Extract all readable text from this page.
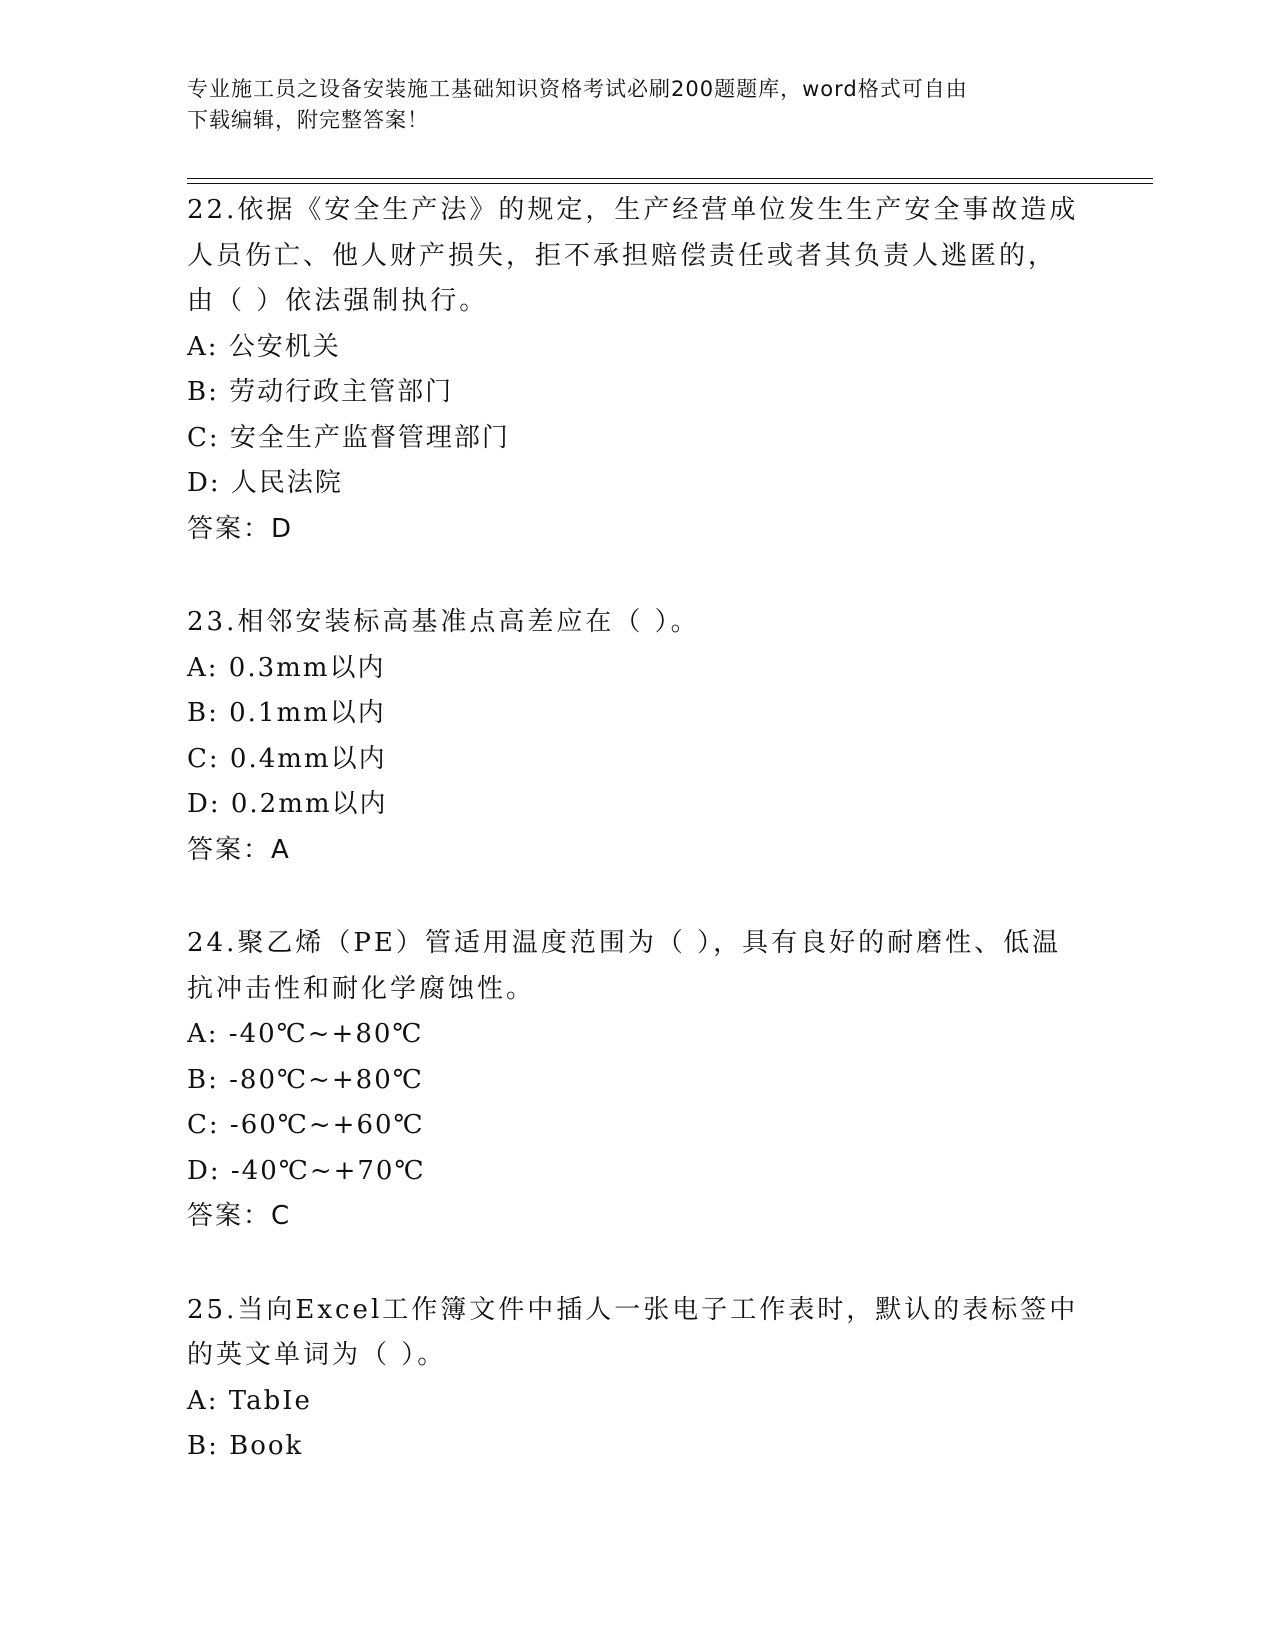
专业施工员之设备安装施工基础知识资格考试必刷200题题库，word格式可自由
下载编辑，附完整答案！

22.依据《安全生产法》的规定，生产经营单位发生生产安全事故造成

人员伤亡、他人财产损失，拒不承担赔偿责任或者其负责人逃匿的，

由（ ）依法强制执行。

A: 公安机关

B: 劳动行政主管部门

C: 安全生产监督管理部门

D: 人民法院

答案：D

23.相邻安装标高基准点高差应在（ ）。

A: 0.3mm以内

B: 0.1mm以内

C: 0.4mm以内

D: 0.2mm以内

答案：A

24.聚乙烯（PE）管适用温度范围为（ ），具有良好的耐磨性、低温

抗冲击性和耐化学腐蚀性。

A: -40℃~+80℃

B: -80℃~+80℃

C: -60℃~+60℃

D: -40℃~+70℃

答案：C

25.当向Excel工作簿文件中插人一张电子工作表时，默认的表标签中

的英文单词为（ ）。

A: TabIe

B: Book
